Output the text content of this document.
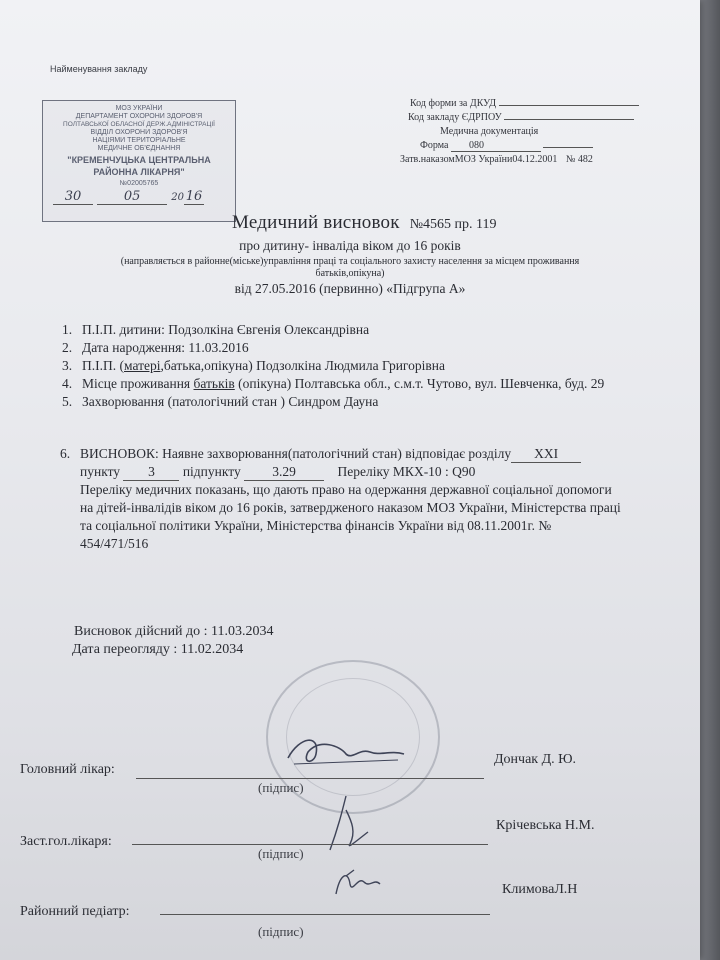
Найменування закладу
Код форми за ДКУД
Код закладу ЄДРПОУ
Медична документація
Форма 080
Затв.наказомМОЗ України04.12.2001 № 482
МОЗ УКРАЇНИ
ДЕПАРТАМЕНТ ОХОРОНИ ЗДОРОВ'Я
ПОЛТАВСЬКОЇ ОБЛАСНОЇ ДЕРЖ.АДМІНІСТРАЦІЇ
ВІДДІЛ ОХОРОНИ ЗДОРОВ'Я
НАЦІЯМИ ТЕРИТОРІАЛЬНЕ
МЕДИЧНЕ ОБ'ЄДНАННЯ
"КРЕМЕНЧУЦЬКА ЦЕНТРАЛЬНА
РАЙОННА ЛІКАРНЯ"
№02005765
30	05	20 16
Медичний висновок №4565 пр. 119
про дитину- інваліда віком до 16 років
(направляється в районне(міське)управління праці та соціального захисту населення за місцем проживання
батьків,опікуна)
від 27.05.2016 (первинно) «Підгрупа А»
1. П.І.П. дитини: Подзолкіна Євгенія Олександрівна
2. Дата народження: 11.03.2016
3. П.І.П. (матері,батька,опікуна) Подзолкіна Людмила Григорівна
4. Місце проживання батьків (опікуна) Полтавська обл., с.м.т. Чутово, вул. Шевченка, буд. 29
5. Захворювання (патологічний стан ) Синдром Дауна
6. ВИСНОВОК: Наявне захворювання(патологічний стан) відповідає розділу XXI
пункту 3 підпункту 3.29	Переліку МКХ-10 : Q90
Переліку медичних показань, що дають право на одержання державної соціальної допомоги
на дітей-інвалідів віком до 16 років, затвердженого наказом МОЗ України, Міністерства праці
та соціальної політики України, Міністерства фінансів України від 08.11.2001г. №
454/471/516
Висновок дійсний до : 11.03.2034
Дата переогляду : 11.02.2034
Головний лікар:
Дончак Д. Ю.
(підпис)
Заст.гол.лікаря:
Крічевська Н.М.
(підпис)
Районний педіатр:
КлимоваЛ.Н
(підпис)
